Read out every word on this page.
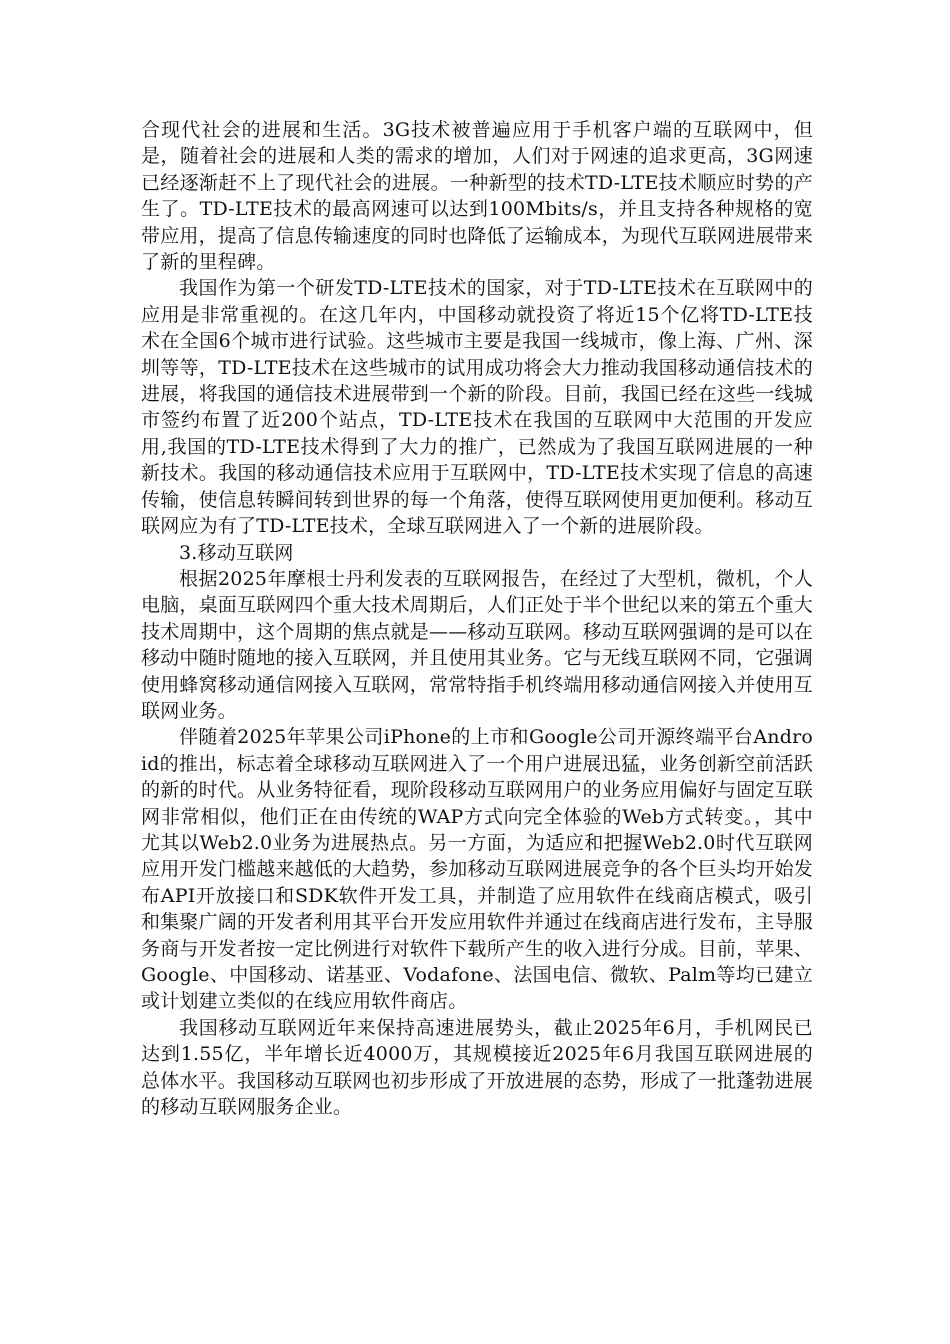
合现代社会的进展和生活。3G技术被普遍应用于手机客户端的互联网中，但是，随着社会的进展和人类的需求的增加，人们对于网速的追求更高，3G网速已经逐渐赶不上了现代社会的进展。一种新型的技术TD-LTE技术顺应时势的产生了。TD-LTE技术的最高网速可以达到100Mbits/s，并且支持各种规格的宽带应用，提高了信息传输速度的同时也降低了运输成本，为现代互联网进展带来了新的里程碑。

我国作为第一个研发TD-LTE技术的国家，对于TD-LTE技术在互联网中的应用是非常重视的。在这几年内，中国移动就投资了将近15个亿将TD-LTE技术在全国6个城市进行试验。这些城市主要是我国一线城市，像上海、广州、深圳等等，TD-LTE技术在这些城市的试用成功将会大力推动我国移动通信技术的进展，将我国的通信技术进展带到一个新的阶段。目前，我国已经在这些一线城市签约布置了近200个站点，TD-LTE技术在我国的互联网中大范围的开发应用,我国的TD-LTE技术得到了大力的推广，已然成为了我国互联网进展的一种新技术。我国的移动通信技术应用于互联网中，TD-LTE技术实现了信息的高速传输，使信息转瞬间转到世界的每一个角落，使得互联网使用更加便利。移动互联网应为有了TD-LTE技术，全球互联网进入了一个新的进展阶段。

3.移动互联网

根据2025年摩根士丹利发表的互联网报告，在经过了大型机，微机，个人电脑，桌面互联网四个重大技术周期后，人们正处于半个世纪以来的第五个重大技术周期中，这个周期的焦点就是——移动互联网。移动互联网强调的是可以在移动中随时随地的接入互联网，并且使用其业务。它与无线互联网不同，它强调使用蜂窝移动通信网接入互联网，常常特指手机终端用移动通信网接入并使用互联网业务。

伴随着2025年苹果公司iPhone的上市和Google公司开源终端平台Android的推出，标志着全球移动互联网进入了一个用户进展迅猛，业务创新空前活跃的新的时代。从业务特征看，现阶段移动互联网用户的业务应用偏好与固定互联网非常相似，他们正在由传统的WAP方式向完全体验的Web方式转变。，其中尤其以Web2.0业务为进展热点。另一方面，为适应和把握Web2.0时代互联网应用开发门槛越来越低的大趋势，参加移动互联网进展竞争的各个巨头均开始发布API开放接口和SDK软件开发工具，并制造了应用软件在线商店模式，吸引和集聚广阔的开发者利用其平台开发应用软件并通过在线商店进行发布，主导服务商与开发者按一定比例进行对软件下载所产生的收入进行分成。目前，苹果、Google、中国移动、诺基亚、Vodafone、法国电信、微软、Palm等均已建立或计划建立类似的在线应用软件商店。

我国移动互联网近年来保持高速进展势头，截止2025年6月，手机网民已达到1.55亿，半年增长近4000万，其规模接近2025年6月我国互联网进展的总体水平。我国移动互联网也初步形成了开放进展的态势，形成了一批蓬勃进展的移动互联网服务企业。
